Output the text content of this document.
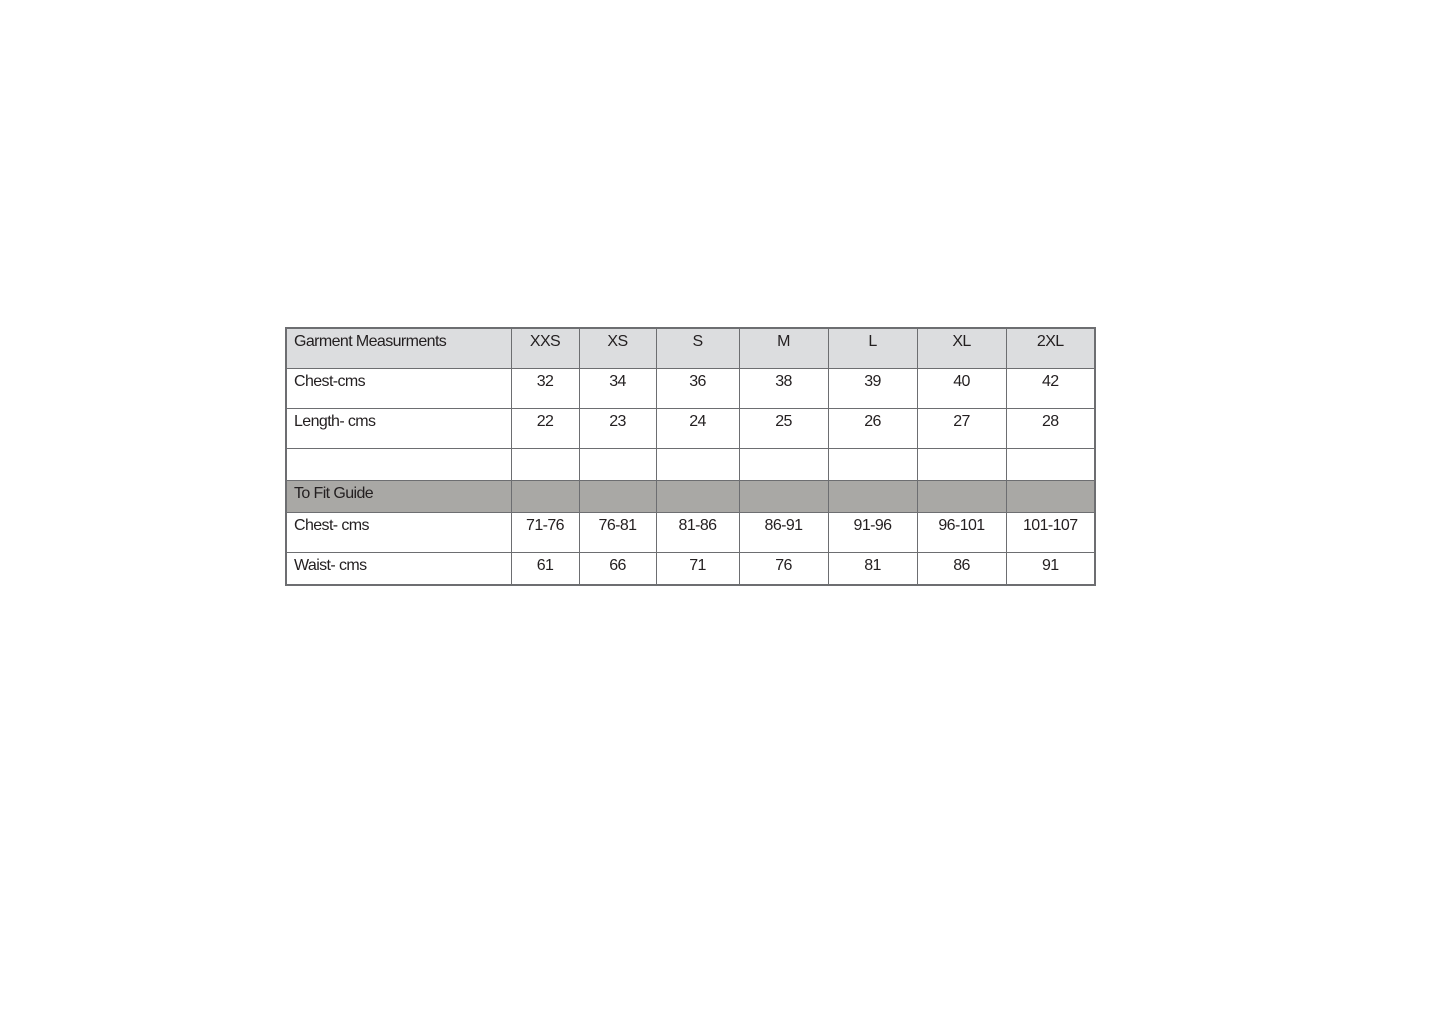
Garment Measurments	XXS	XS	S	M	L	XL	2XL
Chest-cms	32	34	36	38	39	40	42
Length- cms	22	23	24	25	26	27	28

To Fit Guide							
Chest- cms	71-76	76-81	81-86	86-91	91-96	96-101	101-107
Waist- cms	61	66	71	76	81	86	91
